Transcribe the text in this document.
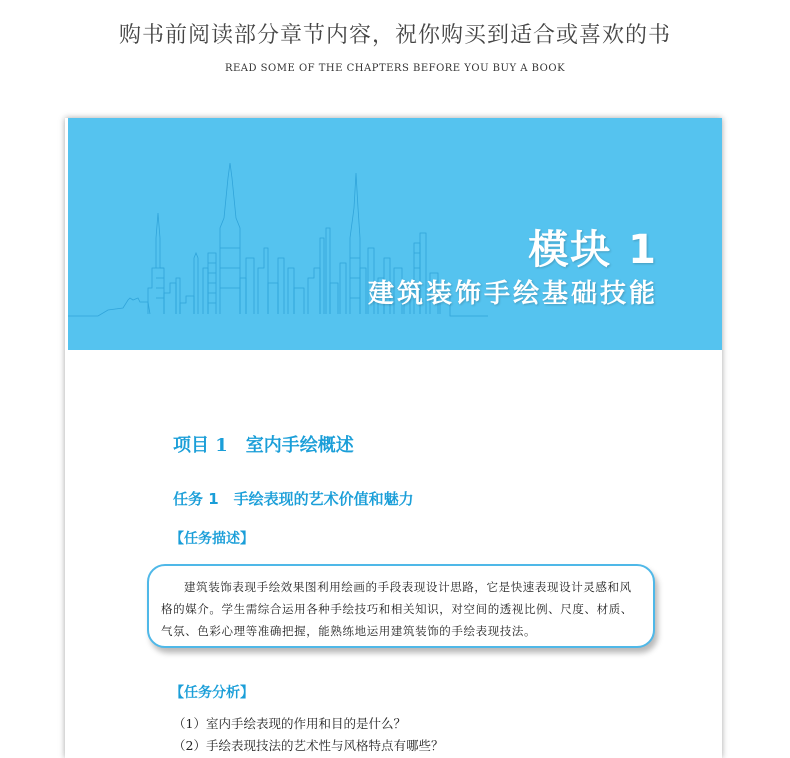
购书前阅读部分章节内容，祝你购买到适合或喜欢的书
READ SOME OF THE CHAPTERS BEFORE YOU BUY A BOOK
模块 1
建筑装饰手绘基础技能
项目 1　室内手绘概述
任务 1　手绘表现的艺术价值和魅力
【任务描述】

建筑装饰表现手绘效果图利用绘画的手段表现设计思路，它是快速表现设计灵感和风格的媒介。学生需综合运用各种手绘技巧和相关知识，对空间的透视比例、尺度、材质、气氛、色彩心理等准确把握，能熟练地运用建筑装饰的手绘表现技法。

【任务分析】
（1）室内手绘表现的作用和目的是什么？
（2）手绘表现技法的艺术性与风格特点有哪些？
